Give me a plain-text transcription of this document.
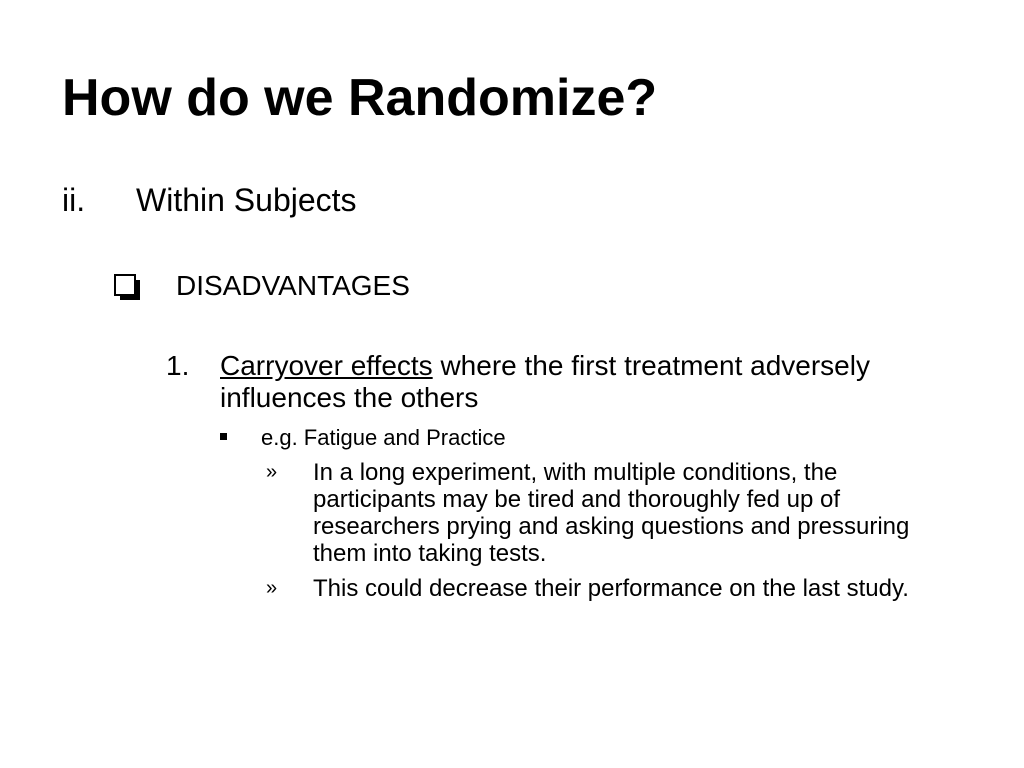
How do we Randomize?
ii. Within Subjects
DISADVANTAGES
1. Carryover effects where the first treatment adversely influences the others
e.g. Fatigue and Practice
» In a long experiment, with multiple conditions, the participants may be tired and thoroughly fed up of researchers prying and asking questions and pressuring them into taking tests.
» This could decrease their performance on the last study.
